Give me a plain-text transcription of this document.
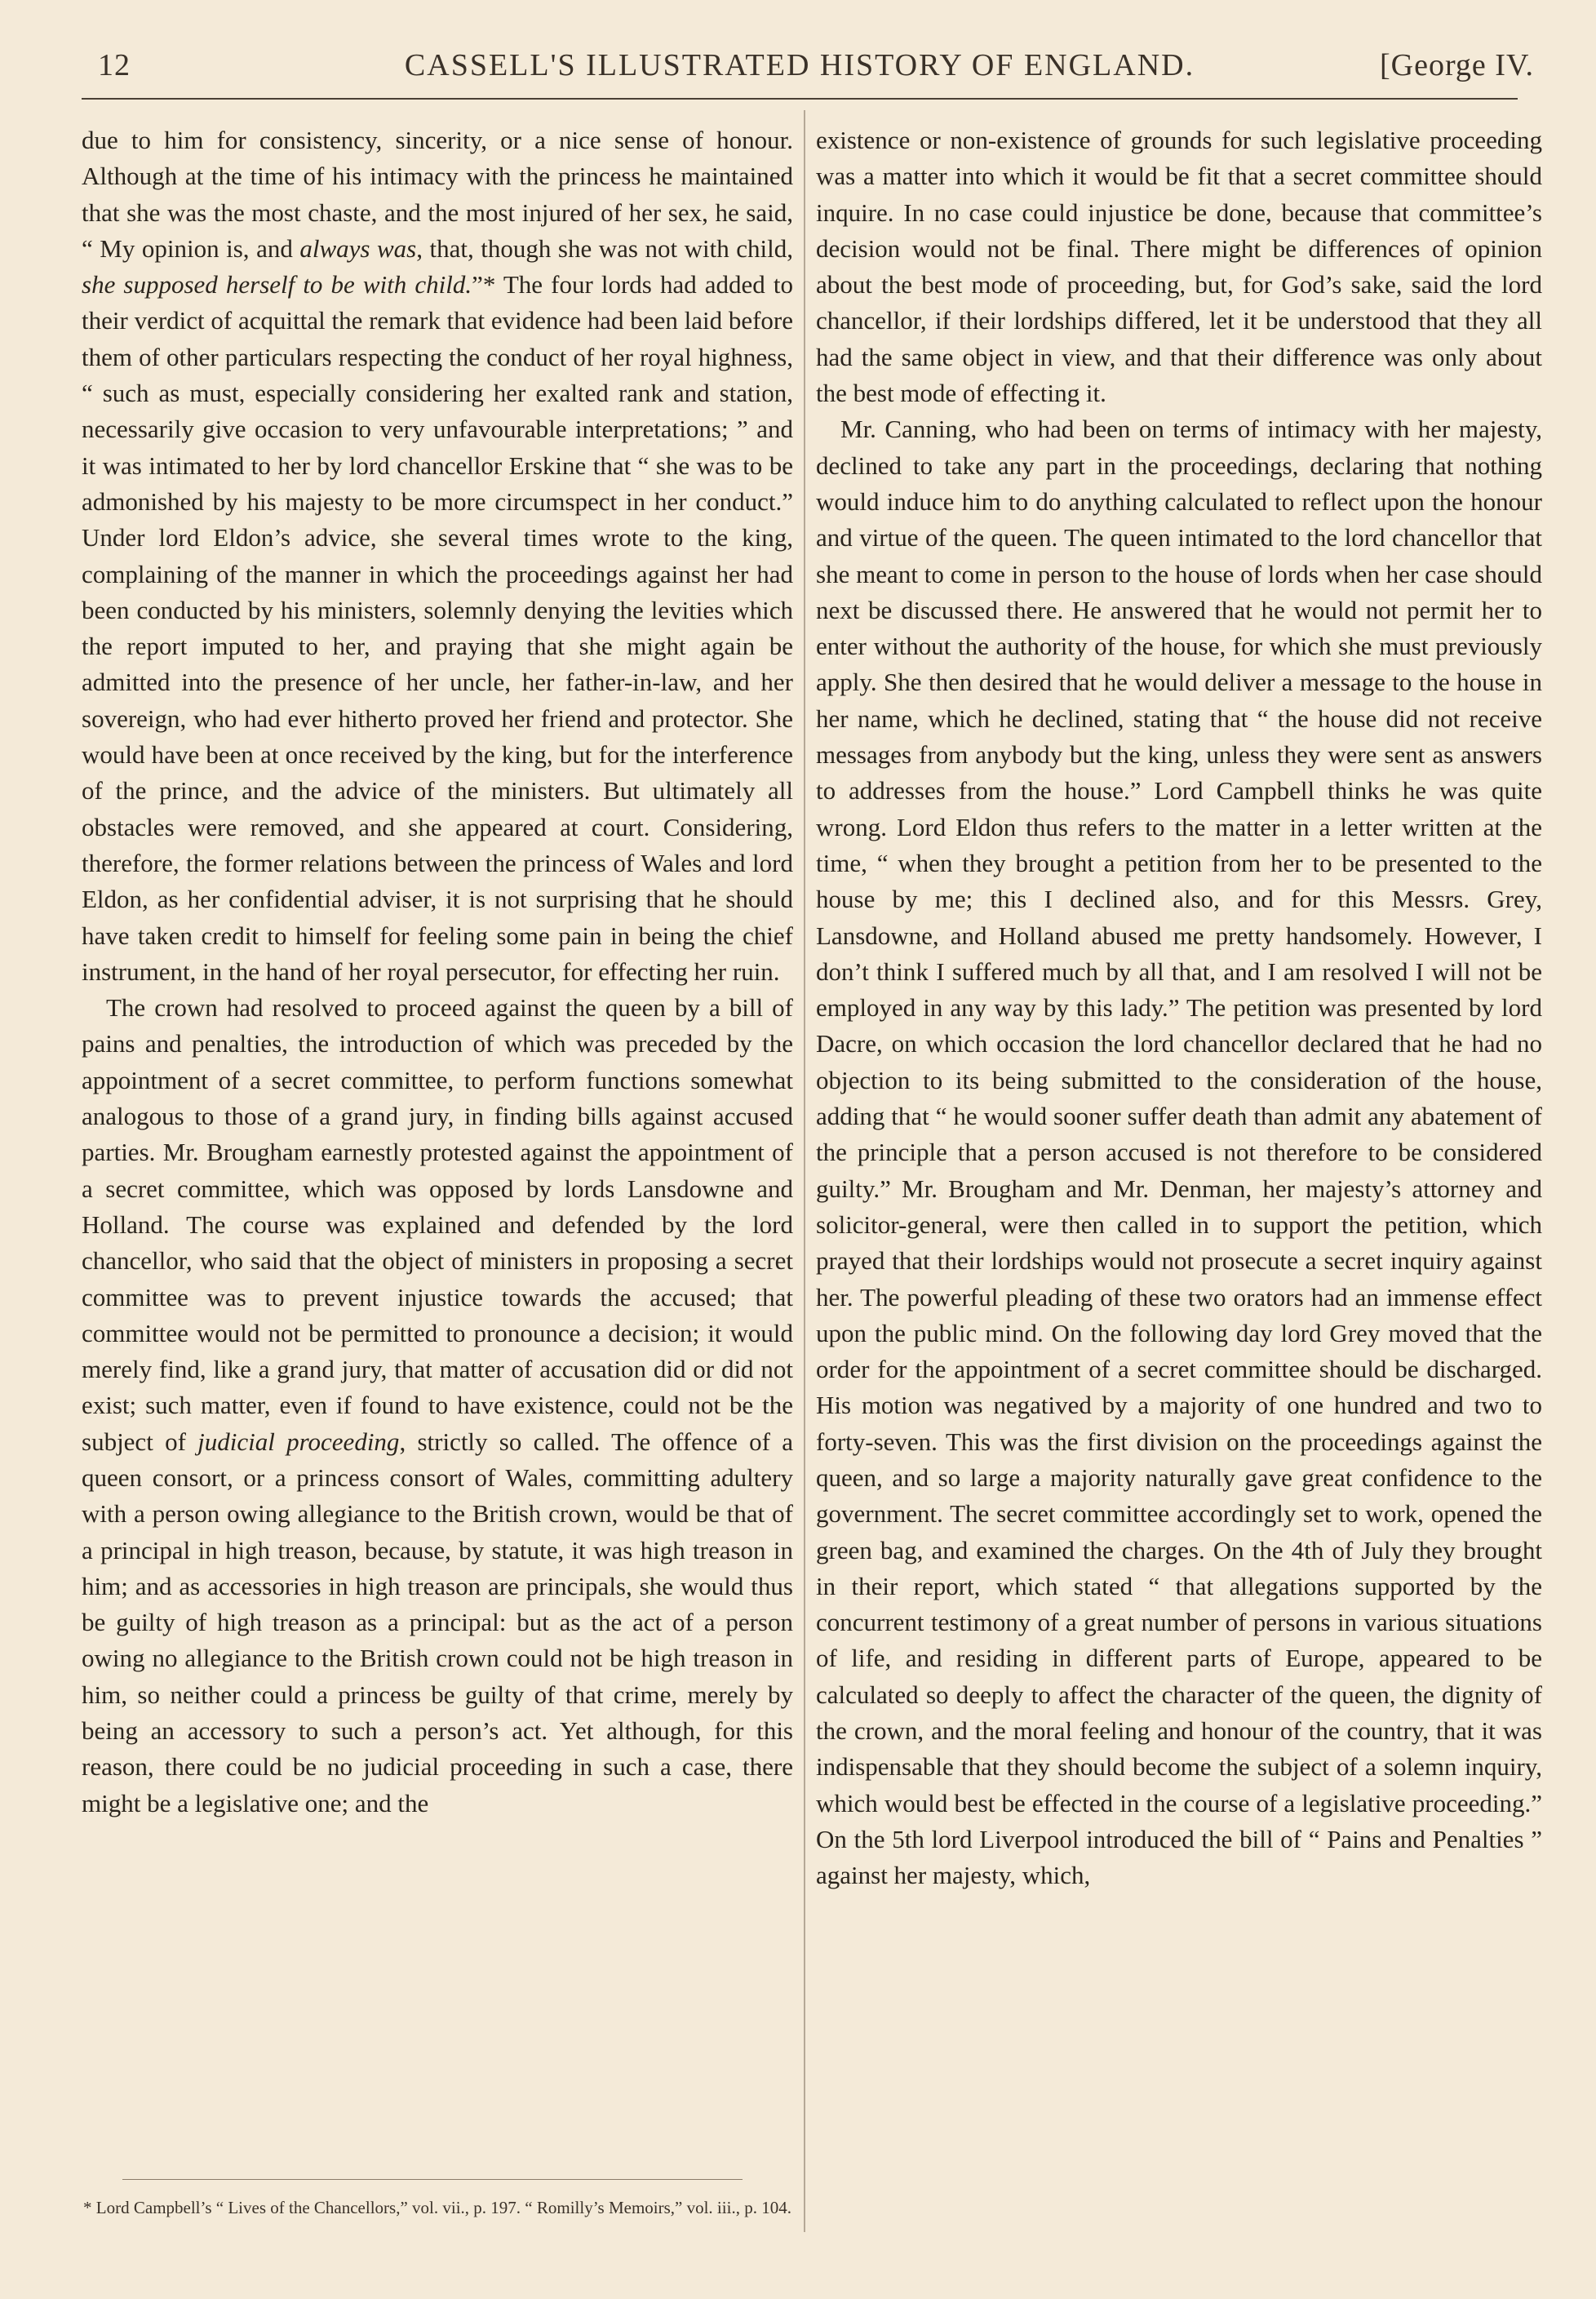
12	CASSELL'S ILLUSTRATED HISTORY OF ENGLAND.	[George IV.

due to him for consistency, sincerity, or a nice sense of honour. Although at the time of his intimacy with the princess he maintained that she was the most chaste, and the most injured of her sex, he said, “ My opinion is, and always was, that, though she was not with child, she supposed herself to be with child.”* The four lords had added to their verdict of acquittal the remark that evidence had been laid before them of other particulars respecting the conduct of her royal highness, “ such as must, especially considering her exalted rank and station, necessarily give occasion to very unfavourable interpretations; ” and it was intimated to her by lord chancellor Erskine that “ she was to be admonished by his majesty to be more circumspect in her conduct.” Under lord Eldon’s advice, she several times wrote to the king, complaining of the manner in which the proceedings against her had been conducted by his ministers, solemnly denying the levities which the report imputed to her, and praying that she might again be admitted into the presence of her uncle, her father-in-law, and her sovereign, who had ever hitherto proved her friend and protector. She would have been at once received by the king, but for the interference of the prince, and the advice of the ministers. But ultimately all obstacles were removed, and she appeared at court. Considering, therefore, the former relations between the princess of Wales and lord Eldon, as her confidential adviser, it is not surprising that he should have taken credit to himself for feeling some pain in being the chief instrument, in the hand of her royal persecutor, for effecting her ruin.

The crown had resolved to proceed against the queen by a bill of pains and penalties, the introduction of which was preceded by the appointment of a secret committee, to perform functions somewhat analogous to those of a grand jury, in finding bills against accused parties. Mr. Brougham earnestly protested against the appointment of a secret committee, which was opposed by lords Lansdowne and Holland. The course was explained and defended by the lord chancellor, who said that the object of ministers in proposing a secret committee was to prevent injustice towards the accused; that committee would not be permitted to pronounce a decision; it would merely find, like a grand jury, that matter of accusation did or did not exist; such matter, even if found to have existence, could not be the subject of judicial proceeding, strictly so called. The offence of a queen consort, or a princess consort of Wales, committing adultery with a person owing allegiance to the British crown, would be that of a principal in high treason, because, by statute, it was high treason in him; and as accessories in high treason are principals, she would thus be guilty of high treason as a principal: but as the act of a person owing no allegiance to the British crown could not be high treason in him, so neither could a princess be guilty of that crime, merely by being an accessory to such a person’s act. Yet although, for this reason, there could be no judicial proceeding in such a case, there might be a legislative one; and the

existence or non-existence of grounds for such legislative proceeding was a matter into which it would be fit that a secret committee should inquire. In no case could injustice be done, because that committee’s decision would not be final. There might be differences of opinion about the best mode of proceeding, but, for God’s sake, said the lord chancellor, if their lordships differed, let it be understood that they all had the same object in view, and that their difference was only about the best mode of effecting it.

Mr. Canning, who had been on terms of intimacy with her majesty, declined to take any part in the proceedings, declaring that nothing would induce him to do anything calculated to reflect upon the honour and virtue of the queen. The queen intimated to the lord chancellor that she meant to come in person to the house of lords when her case should next be discussed there. He answered that he would not permit her to enter without the authority of the house, for which she must previously apply. She then desired that he would deliver a message to the house in her name, which he declined, stating that “ the house did not receive messages from anybody but the king, unless they were sent as answers to addresses from the house.” Lord Campbell thinks he was quite wrong. Lord Eldon thus refers to the matter in a letter written at the time, “ when they brought a petition from her to be presented to the house by me; this I declined also, and for this Messrs. Grey, Lansdowne, and Holland abused me pretty handsomely. However, I don’t think I suffered much by all that, and I am resolved I will not be employed in any way by this lady.” The petition was presented by lord Dacre, on which occasion the lord chancellor declared that he had no objection to its being submitted to the consideration of the house, adding that “ he would sooner suffer death than admit any abatement of the principle that a person accused is not therefore to be considered guilty.” Mr. Brougham and Mr. Denman, her majesty’s attorney and solicitor-general, were then called in to support the petition, which prayed that their lordships would not prosecute a secret inquiry against her. The powerful pleading of these two orators had an immense effect upon the public mind. On the following day lord Grey moved that the order for the appointment of a secret committee should be discharged. His motion was negatived by a majority of one hundred and two to forty-seven. This was the first division on the proceedings against the queen, and so large a majority naturally gave great confidence to the government. The secret committee accordingly set to work, opened the green bag, and examined the charges. On the 4th of July they brought in their report, which stated “ that allegations supported by the concurrent testimony of a great number of persons in various situations of life, and residing in different parts of Europe, appeared to be calculated so deeply to affect the character of the queen, the dignity of the crown, and the moral feeling and honour of the country, that it was indispensable that they should become the subject of a solemn inquiry, which would best be effected in the course of a legislative proceeding.” On the 5th lord Liverpool introduced the bill of “ Pains and Penalties ” against her majesty, which,

* Lord Campbell’s “ Lives of the Chancellors,” vol. vii., p. 197. “ Romilly’s Memoirs,” vol. iii., p. 104.
